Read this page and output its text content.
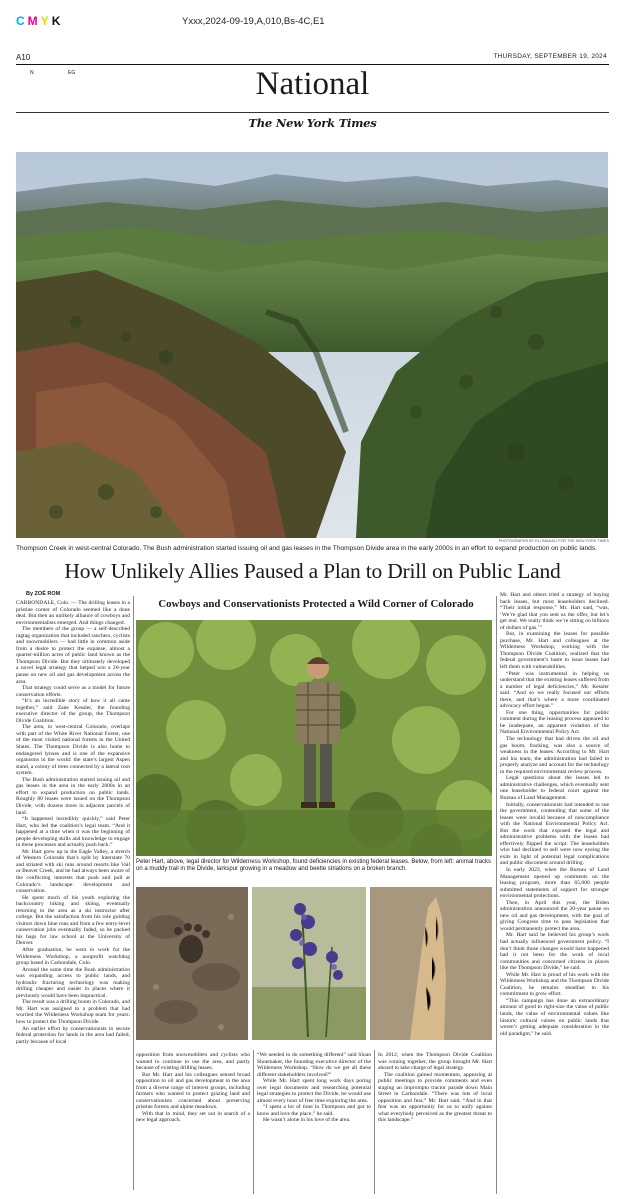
CMYK	Yxxx,2024-09-19,A,010,Bs-4C,E1
A10	THURSDAY, SEPTEMBER 19, 2024
N	EG	National
The New York Times
PHOTOGRAPHS BY ELI IMADALI FOR THE NEW YORK TIMES
Thompson Creek in west-central Colorado. The Bush administration started issuing oil and gas leases in the Thompson Divide area in the early 2000s in an effort to expand production on public lands.
How Unlikely Allies Paused a Plan to Drill on Public Land
By ZOË ROM
Cowboys and Conservationists Protected a Wild Corner of Colorado

CARBONDALE, Colo. — The drilling leases in a pristine corner of Colorado seemed like a done deal. But then an unlikely alliance of cowboys and environmentalists emerged. And things changed.

The members of the group — a self-described ragtag organization that included ranchers, cyclists and snowmobilers — had little in common aside from a desire to protect the expanse, almost a quarter-million acres of public land known as the Thompson Divide. But they ultimately developed a novel legal strategy that helped win a 20-year pause on new oil and gas development across the area.

That strategy could serve as a model for future conservation efforts.

“It’s an incredible story of how it all came together,” said Zane Kessler, the founding executive director of the group, the Thompson Divide Coalition.

The area, in west-central Colorado, overlaps with part of the White River National Forest, one of the most visited national forests in the United States. The Thompson Divide is also home to endangered lynxes and is one of the expansive organisms in the world: the state’s largest Aspen stand, a colony of trees connected by a lateral root system.

The Bush administration started issuing oil and gas leases in the area in the early 2000s in an effort to expand production on public lands. Roughly 80 leases were issued on the Thompson Divide, with dozens more in adjacent parcels of land.

“It happened incredibly quickly,” said Peter Hart, who led the coalition’s legal team. “And it happened at a time when it was the beginning of people developing skills and knowledge to engage in these processes and actually push back.”

Mr. Hart grew up in the Eagle Valley, a stretch of Western Colorado that’s split by Interstate 70 and striated with ski runs around resorts like Vail or Beaver Creek, and he had always been aware of the conflicting interests that push and pull at Colorado’s landscape: development and conservation.

He spent much of his youth exploring the backcountry hiking and skiing, eventually returning to the area as a ski instructor after college. But the satisfaction from his role guiding visitors down blue runs and from a few entry-level conservation jobs eventually faded, so he packed his bags for law school at the University of Denver.

After graduation, he went to work for the Wilderness Workshop, a nonprofit watchdog group based in Carbondale, Colo.

Around the same time the Bush administration was expanding access to public lands, and hydraulic fracturing technology was making drilling cheaper and easier in places where it previously would have been impractical.

The result was a drilling boom in Colorado, and Mr. Hart was assigned to a problem that had worried the Wilderness Workshop team for years: how to protect the Thompson Divide.

An earlier effort by conservationists to secure federal protection for lands in the area had failed, partly because of local

Peter Hart, above, legal director for Wilderness Workshop, found deficiencies in existing federal leases. Below, from left: animal tracks on a muddy trail in the Divide, larkspur growing in a meadow and beetle striations on a broken branch.

opposition from snowmobilers and cyclists who wanted to continue to use the area, and partly because of existing drilling leases.

But Mr. Hart and his colleagues sensed broad opposition to oil and gas development in the area from a diverse range of interest groups, including farmers who wanted to protect grazing land and conservationists concerned about preserving pristine forests and alpine meadows.

With that in mind, they set out in search of a new legal approach.

“We needed to do something different” said Sloan Shoemaker, the founding executive director of the Wilderness Workshop. “How do we get all these different stakeholders involved?”

While Mr. Hart spent long work days poring over legal documents and researching potential legal strategies to protect the Divide, he would use almost every hour of free time exploring the area.

“I spent a lot of time in Thompson and got to know and love the place,” he said.

He wasn’t alone in his love of the area.

In 2012, when the Thompson Divide Coalition was coming together, the group brought Mr. Hart aboard to take charge of legal strategy.

The coalition gained momentum, appearing at public meetings to provide comments and even staging an impromptu tractor parade down Main Street in Carbondale. “There was lots of local opposition and fear,” Mr. Hart said. “And in that fear was an opportunity for us to unify against what everybody perceived as the greatest threat to this landscape.”

Mr. Hart and others tried a strategy of buying back leases, but most leaseholders declined. “Their initial response,” Mr. Hart said, “was, ‘We’re glad that you sent us the offer, but let’s get real. We really think we’re sitting on billions of dollars of gas.’”

But, in examining the leases for possible purchase, Mr. Hart and colleagues at the Wilderness Workshop, working with the Thompson Divide Coalition, realized that the federal government’s haste to issue leases had left them with vulnerabilities.

“Peter was instrumental in helping us understand that the existing leases suffered from a number of legal deficiencies,” Mr. Kessler said. “And so we really focused our efforts there, and that’s where a more coordinated advocacy effort began.”

For one thing, opportunities for public comment during the leasing process appeared to be inadequate, an apparent violation of the National Environmental Policy Act.

The technology that had driven the oil and gas boom, fracking, was also a source of weakness in the leases. According to Mr. Hart and his team, the administration had failed to properly analyze and account for the technology in the required environmental review process.

Legal questions about the leases led to administrative challenges, which eventually sent one leaseholder to federal court against the Bureau of Land Management.

Initially, conservationists had intended to sue the government, contending that some of the leases were invalid because of noncompliance with the National Environmental Policy Act. But the work that exposed the legal and administrative problems with the leases had effectively flipped the script: The leaseholders who had declined to sell were now eyeing the exits in light of potential legal complications and public discontent around drilling.

In early 2023, when the Bureau of Land Management opened up comments on the leasing program, more than 65,000 people submitted statements of support for stronger environmental protections.

Then, in April this year, the Biden administration announced the 20-year pause on new oil and gas development, with the goal of giving Congress time to pass legislation that would permanently protect the area.

Mr. Hart said he believed his group’s work had actually influenced government policy. “I don’t think those changes would have happened had it not been for the work of local communities and concerned citizens in places like the Thompson Divide,” he said.

While Mr. Hart is proud of his work with the Wilderness Workshop and the Thompson Divide Coalition, he remains steadfast in his commitment to grow effort.

“This campaign has done an extraordinary amount of good to right-size the value of public lands, the value of environmental values like historic cultural values on public lands that weren’t getting adequate consideration in the old paradigm,” he said.
